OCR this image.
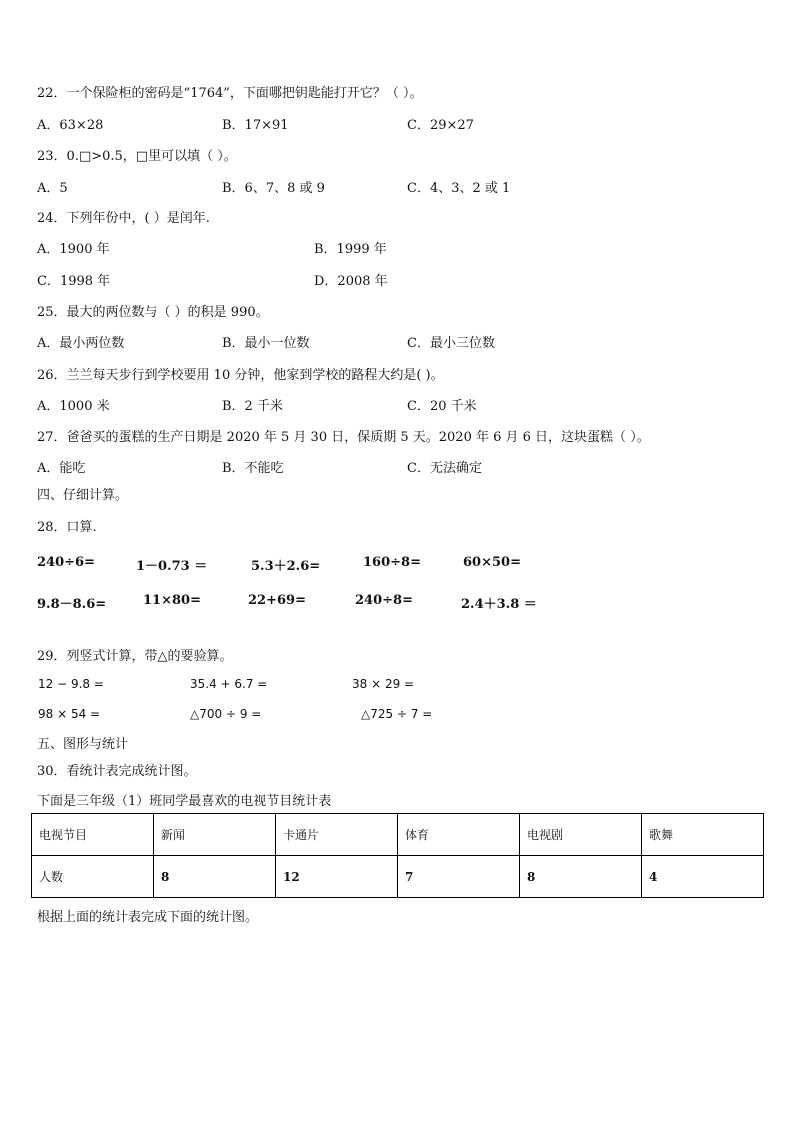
22．一个保险柜的密码是“1764”，下面哪把钥匙能打开它？（ ）。
A．63×28	B．17×91	C．29×27
23．0.□>0.5，□里可以填（ ）。
A．5	B．6、7、8 或 9	C．4、3、2 或 1
24．下列年份中，( ）是闰年.
A．1900 年	B．1999 年
C．1998 年	D．2008 年
25．最大的两位数与（ ）的积是 990。
A．最小两位数	B．最小一位数	C．最小三位数
26．兰兰每天步行到学校要用 10 分钟，他家到学校的路程大约是( )。
A．1000 米	B．2 千米	C．20 千米
27．爸爸买的蛋糕的生产日期是 2020 年 5 月 30 日，保质期 5 天。2020 年 6 月 6 日，这块蛋糕（ ）。
A．能吃	B．不能吃	C．无法确定
四、仔细计算。
28．口算.
240÷6=	1－0.73 ＝	5.3＋2.6=	160÷8=	60×50=
9.8－8.6=	11×80=	22+69=	240÷8=	2.4＋3.8 ＝
29．列竖式计算，带△的要验算。
12 − 9.8 =	35.4 + 6.7 =	38 × 29 =
98 × 54 =	△700 ÷ 9 =	△725 ÷ 7 =
五、图形与统计
30．看统计表完成统计图。
下面是三年级（1）班同学最喜欢的电视节目统计表
电视节目	新闻	卡通片	体育	电视剧	歌舞
人数	8	12	7	8	4
根据上面的统计表完成下面的统计图。
